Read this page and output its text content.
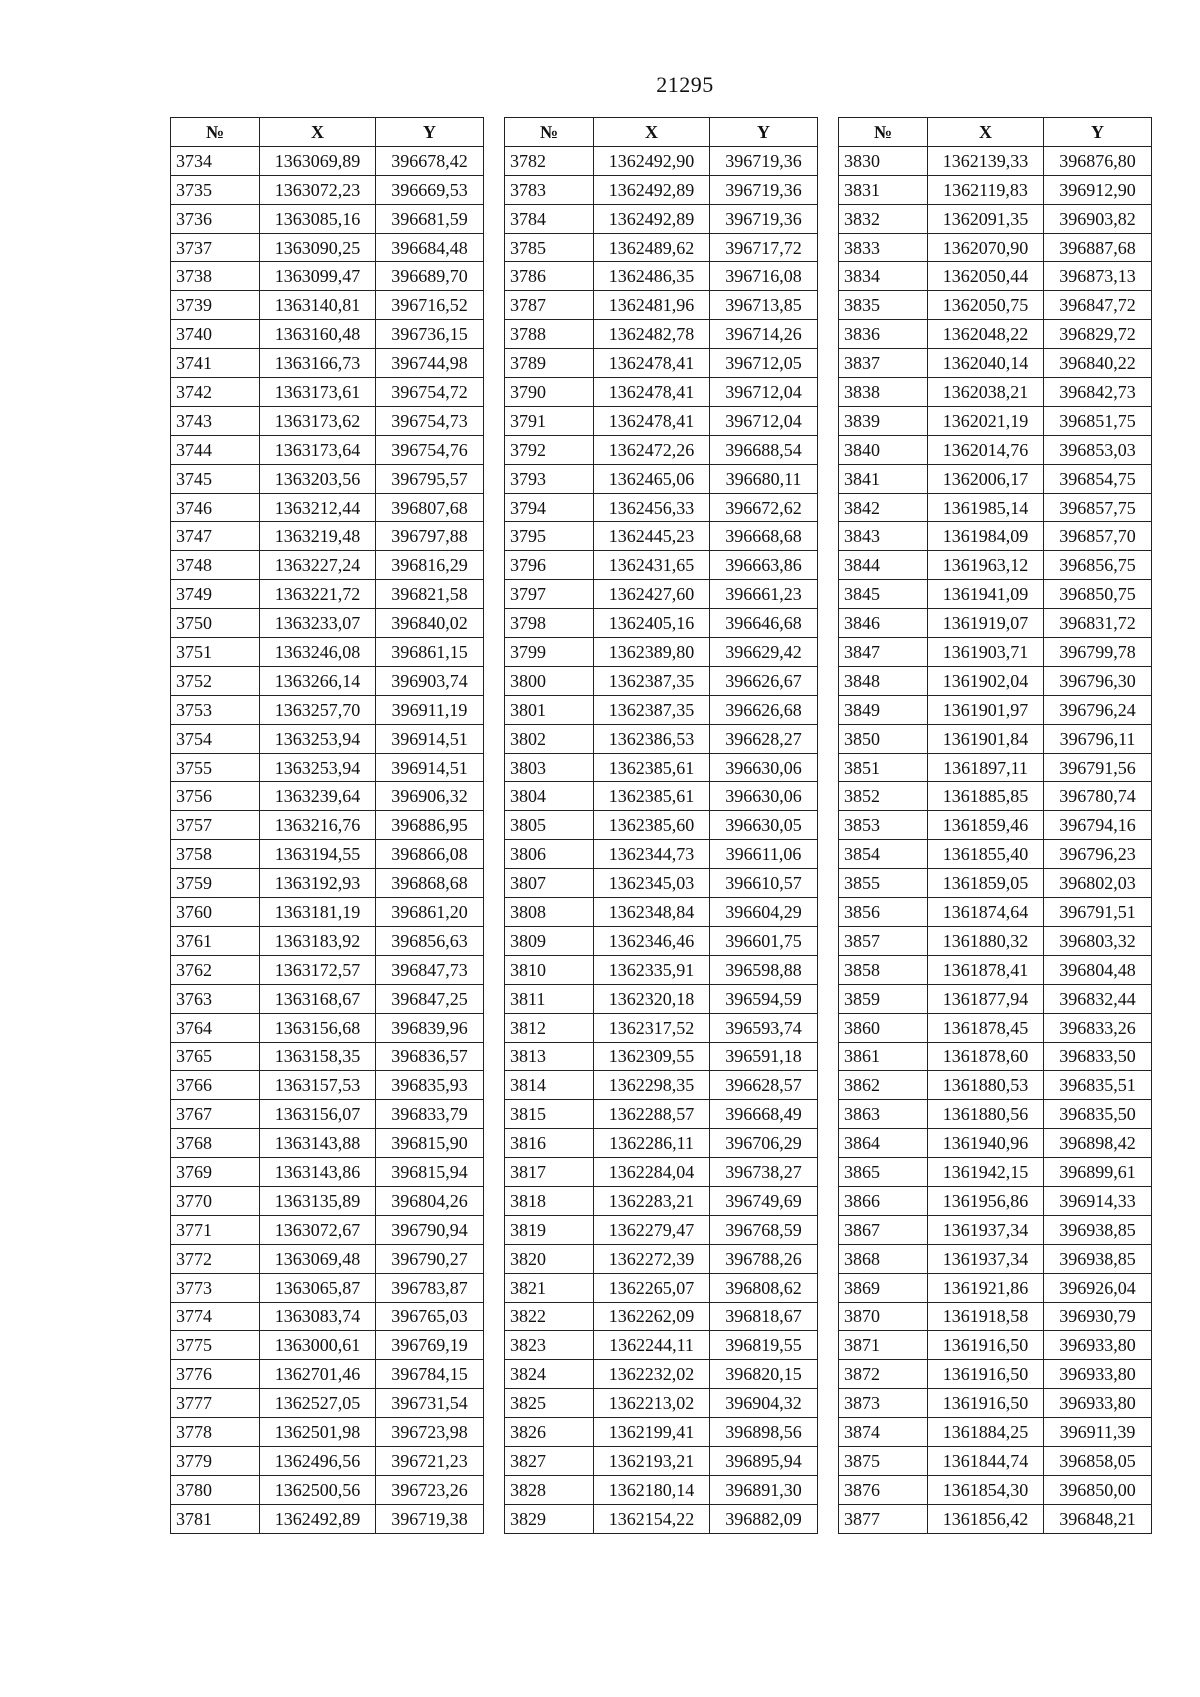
21295
№	X	Y
3734	1363069,89	396678,42
3735	1363072,23	396669,53
3736	1363085,16	396681,59
3737	1363090,25	396684,48
3738	1363099,47	396689,70
3739	1363140,81	396716,52
3740	1363160,48	396736,15
3741	1363166,73	396744,98
3742	1363173,61	396754,72
3743	1363173,62	396754,73
3744	1363173,64	396754,76
3745	1363203,56	396795,57
3746	1363212,44	396807,68
3747	1363219,48	396797,88
3748	1363227,24	396816,29
3749	1363221,72	396821,58
3750	1363233,07	396840,02
3751	1363246,08	396861,15
3752	1363266,14	396903,74
3753	1363257,70	396911,19
3754	1363253,94	396914,51
3755	1363253,94	396914,51
3756	1363239,64	396906,32
3757	1363216,76	396886,95
3758	1363194,55	396866,08
3759	1363192,93	396868,68
3760	1363181,19	396861,20
3761	1363183,92	396856,63
3762	1363172,57	396847,73
3763	1363168,67	396847,25
3764	1363156,68	396839,96
3765	1363158,35	396836,57
3766	1363157,53	396835,93
3767	1363156,07	396833,79
3768	1363143,88	396815,90
3769	1363143,86	396815,94
3770	1363135,89	396804,26
3771	1363072,67	396790,94
3772	1363069,48	396790,27
3773	1363065,87	396783,87
3774	1363083,74	396765,03
3775	1363000,61	396769,19
3776	1362701,46	396784,15
3777	1362527,05	396731,54
3778	1362501,98	396723,98
3779	1362496,56	396721,23
3780	1362500,56	396723,26
3781	1362492,89	396719,38
№	X	Y
3782	1362492,90	396719,36
3783	1362492,89	396719,36
3784	1362492,89	396719,36
3785	1362489,62	396717,72
3786	1362486,35	396716,08
3787	1362481,96	396713,85
3788	1362482,78	396714,26
3789	1362478,41	396712,05
3790	1362478,41	396712,04
3791	1362478,41	396712,04
3792	1362472,26	396688,54
3793	1362465,06	396680,11
3794	1362456,33	396672,62
3795	1362445,23	396668,68
3796	1362431,65	396663,86
3797	1362427,60	396661,23
3798	1362405,16	396646,68
3799	1362389,80	396629,42
3800	1362387,35	396626,67
3801	1362387,35	396626,68
3802	1362386,53	396628,27
3803	1362385,61	396630,06
3804	1362385,61	396630,06
3805	1362385,60	396630,05
3806	1362344,73	396611,06
3807	1362345,03	396610,57
3808	1362348,84	396604,29
3809	1362346,46	396601,75
3810	1362335,91	396598,88
3811	1362320,18	396594,59
3812	1362317,52	396593,74
3813	1362309,55	396591,18
3814	1362298,35	396628,57
3815	1362288,57	396668,49
3816	1362286,11	396706,29
3817	1362284,04	396738,27
3818	1362283,21	396749,69
3819	1362279,47	396768,59
3820	1362272,39	396788,26
3821	1362265,07	396808,62
3822	1362262,09	396818,67
3823	1362244,11	396819,55
3824	1362232,02	396820,15
3825	1362213,02	396904,32
3826	1362199,41	396898,56
3827	1362193,21	396895,94
3828	1362180,14	396891,30
3829	1362154,22	396882,09
№	X	Y
3830	1362139,33	396876,80
3831	1362119,83	396912,90
3832	1362091,35	396903,82
3833	1362070,90	396887,68
3834	1362050,44	396873,13
3835	1362050,75	396847,72
3836	1362048,22	396829,72
3837	1362040,14	396840,22
3838	1362038,21	396842,73
3839	1362021,19	396851,75
3840	1362014,76	396853,03
3841	1362006,17	396854,75
3842	1361985,14	396857,75
3843	1361984,09	396857,70
3844	1361963,12	396856,75
3845	1361941,09	396850,75
3846	1361919,07	396831,72
3847	1361903,71	396799,78
3848	1361902,04	396796,30
3849	1361901,97	396796,24
3850	1361901,84	396796,11
3851	1361897,11	396791,56
3852	1361885,85	396780,74
3853	1361859,46	396794,16
3854	1361855,40	396796,23
3855	1361859,05	396802,03
3856	1361874,64	396791,51
3857	1361880,32	396803,32
3858	1361878,41	396804,48
3859	1361877,94	396832,44
3860	1361878,45	396833,26
3861	1361878,60	396833,50
3862	1361880,53	396835,51
3863	1361880,56	396835,50
3864	1361940,96	396898,42
3865	1361942,15	396899,61
3866	1361956,86	396914,33
3867	1361937,34	396938,85
3868	1361937,34	396938,85
3869	1361921,86	396926,04
3870	1361918,58	396930,79
3871	1361916,50	396933,80
3872	1361916,50	396933,80
3873	1361916,50	396933,80
3874	1361884,25	396911,39
3875	1361844,74	396858,05
3876	1361854,30	396850,00
3877	1361856,42	396848,21
